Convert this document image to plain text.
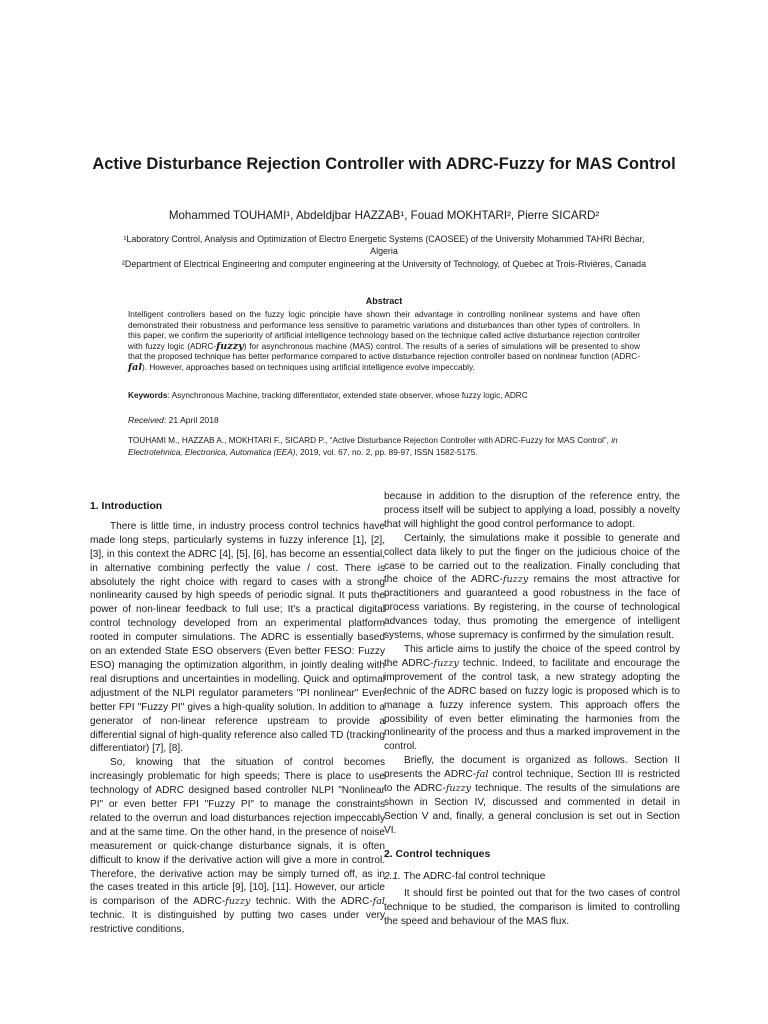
Active Disturbance Rejection Controller with ADRC-Fuzzy for MAS Control
Mohammed TOUHAMI¹, Abdeldjbar HAZZAB¹, Fouad MOKHTARI², Pierre SICARD²

¹Laboratory Control, Analysis and Optimization of Electro Energetic Systems (CAOSEE) of the University Mohammed TAHRI Béchar, Algeria

²Department of Electrical Engineering and computer engineering at the University of Technology, of Quebec at Trois-Rivières, Canada

Abstract

Intelligent controllers based on the fuzzy logic principle have shown their advantage in controlling nonlinear systems and have often demonstrated their robustness and performance less sensitive to parametric variations and disturbances than other types of controllers. In this paper, we confirm the superiority of artificial intelligence technology based on the technique called active disturbance rejection controller with fuzzy logic (ADRC-fuzzy) for asynchronous machine (MAS) control. The results of a series of simulations will be presented to show that the proposed technique has better performance compared to active disturbance rejection controller based on nonlinear function (ADRC-fal). However, approaches based on techniques using artificial intelligence evolve impeccably.

Keywords: Asynchronous Machine, tracking differentiator, extended state observer, whose fuzzy logic, ADRC

Received: 21 April 2018

TOUHAMI M., HAZZAB A., MOKHTARI F., SICARD P., “Active Disturbance Rejection Controller with ADRC-Fuzzy for MAS Control”, in Electrotehnica, Electronica, Automatica (EEA), 2019, vol. 67, no. 2, pp. 89-97, ISSN 1582-5175.

1. Introduction

There is little time, in industry process control technics have made long steps, particularly systems in fuzzy inference [1], [2], [3], in this context the ADRC [4], [5], [6], has become an essential, in alternative combining perfectly the value / cost. There is absolutely the right choice with regard to cases with a strong nonlinearity caused by high speeds of periodic signal. It puts the power of non-linear feedback to full use; It's a practical digital control technology developed from an experimental platform rooted in computer simulations. The ADRC is essentially based on an extended State ESO observers (Even better FESO: Fuzzy ESO) managing the optimization algorithm, in jointly dealing with real disruptions and uncertainties in modelling. Quick and optimal adjustment of the NLPI regulator parameters "PI nonlinear" Even better FPI "Fuzzy PI" gives a high-quality solution. In addition to a generator of non-linear reference upstream to provide a differential signal of high-quality reference also called TD (tracking differentiator) [7], [8].

So, knowing that the situation of control becomes increasingly problematic for high speeds; There is place to use technology of ADRC designed based controller NLPI "Nonlinear PI" or even better FPI "Fuzzy PI" to manage the constraints related to the overrun and load disturbances rejection impeccably and at the same time. On the other hand, in the presence of noise measurement or quick-change disturbance signals, it is often difficult to know if the derivative action will give a more in control. Therefore, the derivative action may be simply turned off, as in the cases treated in this article [9], [10], [11]. However, our article is comparison of the ADRC-fuzzy technic. With the ADRC-fal technic. It is distinguished by putting two cases under very restrictive conditions,

because in addition to the disruption of the reference entry, the process itself will be subject to applying a load, possibly a novelty that will highlight the good control performance to adopt.

Certainly, the simulations make it possible to generate and collect data likely to put the finger on the judicious choice of the case to be carried out to the realization. Finally concluding that the choice of the ADRC-fuzzy remains the most attractive for practitioners and guaranteed a good robustness in the face of process variations. By registering, in the course of technological advances today, thus promoting the emergence of intelligent systems, whose supremacy is confirmed by the simulation result.

This article aims to justify the choice of the speed control by the ADRC-fuzzy technic. Indeed, to facilitate and encourage the improvement of the control task, a new strategy adopting the technic of the ADRC based on fuzzy logic is proposed which is to manage a fuzzy inference system. This approach offers the possibility of even better eliminating the harmonies from the nonlinearity of the process and thus a marked improvement in the control.

Briefly, the document is organized as follows. Section II presents the ADRC-fal control technique, Section III is restricted to the ADRC-fuzzy technique. The results of the simulations are shown in Section IV, discussed and commented in detail in Section V and, finally, a general conclusion is set out in Section VI.

2. Control techniques

2.1. The ADRC-fal control technique

It should first be pointed out that for the two cases of control technique to be studied, the comparison is limited to controlling the speed and behaviour of the MAS flux.
